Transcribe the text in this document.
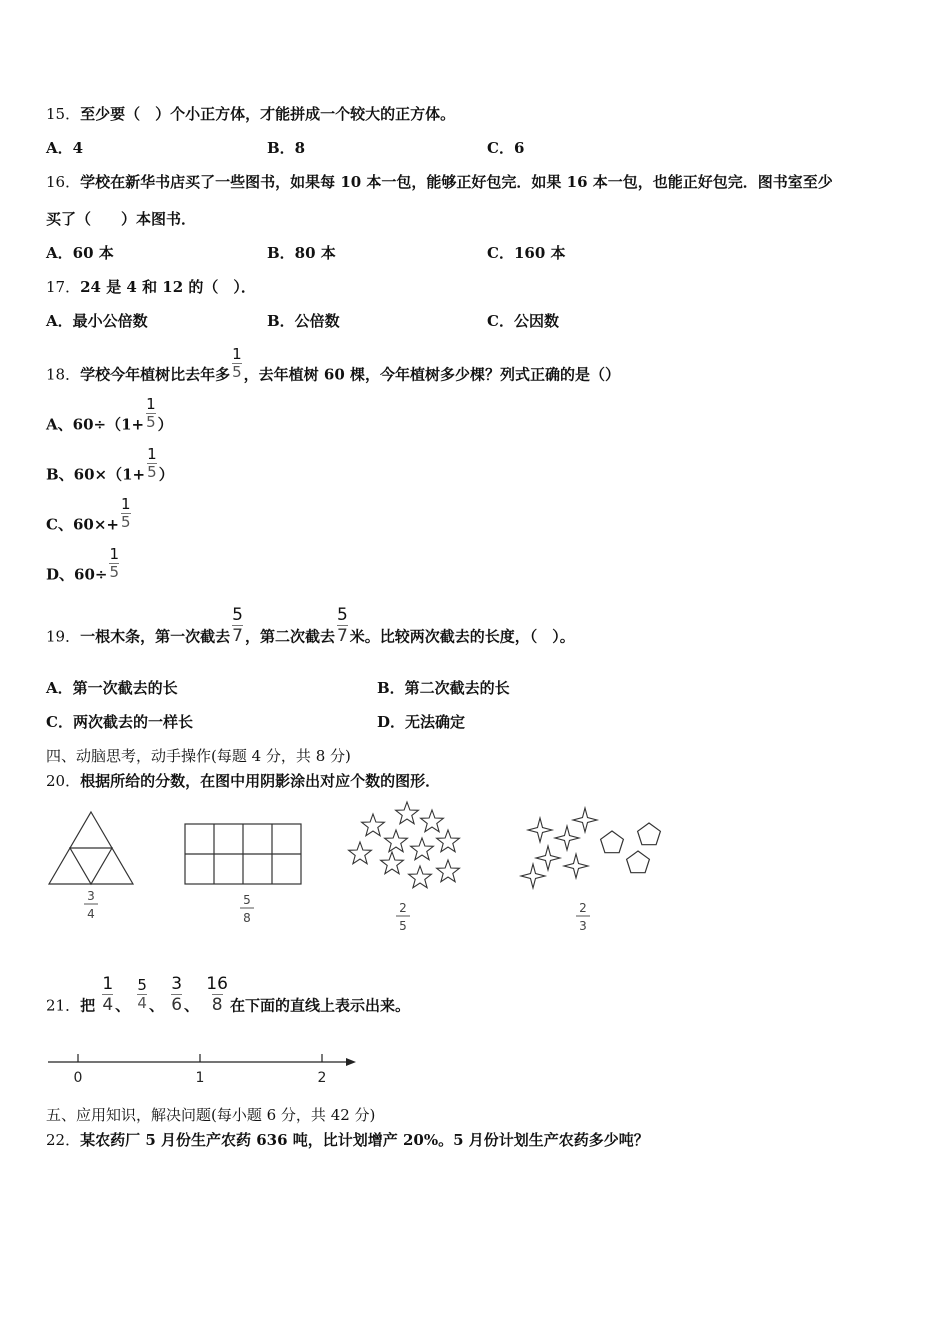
15．至少要（　）个小正方体，才能拼成一个较大的正方体。
A．4	B．8	C．6
16．学校在新华书店买了一些图书，如果每 10 本一包，能够正好包完．如果 16 本一包，也能正好包完．图书室至少
买了（　　）本图书．
A．60 本	B．80 本	C．160 本
17．24 是 4 和 12 的（　）．
A．最小公倍数	B．公倍数	C．公因数
18．学校今年植树比去年多 $\frac{1}{5}$ ，去年植树 60 棵，今年植树多少棵？列式正确的是（）
A、$60\div(1+ \frac{1}{5}$ ）
B、$60\times(1+ \frac{1}{5}$ ）
C、$60\times+ \frac{1}{5}$
D、$60\div \frac{1}{5}$
19．一根木条，第一次截去 $\frac{5}{7}$ ，第二次截去 $\frac{5}{7}$ 米。比较两次截去的长度，（　）。
A．第一次截去的长	B．第二次截去的长
C．两次截去的一样长	D．无法确定
四、动脑思考，动手操作(每题 4 分，共 8 分)
20．根据所给的分数，在图中用阴影涂出对应个数的图形．
3
4
5
8
2
5
2
3
21．把 $\frac{1}{4}$ 、 $\frac{5}{4}$ 、 $\frac{3}{6}$ 、 $\frac{16}{8}$ 在下面的直线上表示出来。
0	1	2
五、应用知识，解决问题(每小题 6 分，共 42 分)
22．某农药厂 5 月份生产农药 636 吨，比计划增产 20%。5 月份计划生产农药多少吨？
